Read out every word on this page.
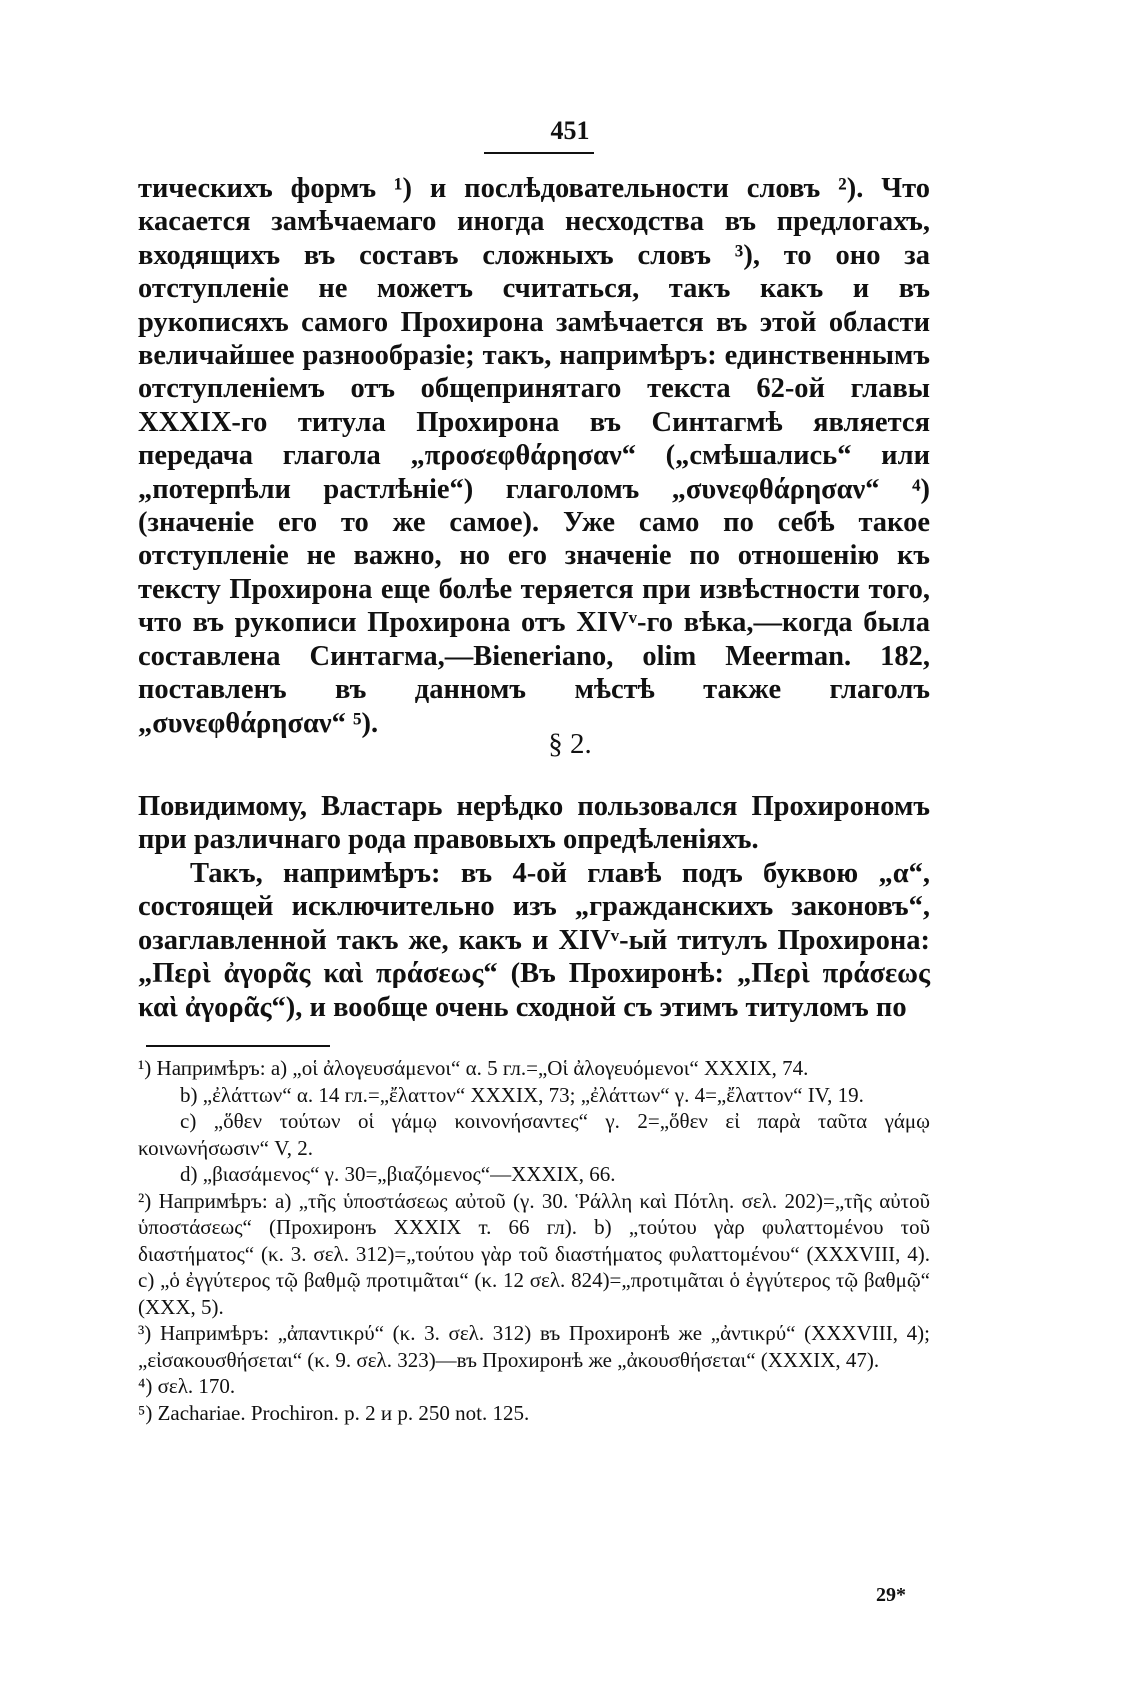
451

тическихъ формъ ¹) и послѣдовательности словъ ²). Что касается замѣчаемаго иногда несходства въ предлогахъ, входящихъ въ составъ сложныхъ словъ ³), то оно за отступленіе не можетъ считаться, такъ какъ и въ рукописяхъ самого Прохирона замѣчается въ этой области величайшее разнообразіе; такъ, напримѣръ: единственнымъ отступленіемъ отъ общепринятаго текста 62-ой главы XXXIX-го титула Прохирона въ Синтагмѣ является передача глагола „προσεφθάρησαν“ („смѣшались“ или „потерпѣли растлѣніе“) глаголомъ „συνεφθάρησαν“ ⁴) (значеніе его то же самое). Уже само по себѣ такое отступленіе не важно, но его значеніе по отношенію къ тексту Прохирона еще болѣе теряется при извѣстности того, что въ рукописи Прохирона отъ XIVᵛ-го вѣка,—когда была составлена Синтагма,—Bieneriano, olim Meerman. 182, поставленъ въ данномъ мѣстѣ также глаголъ „συνεφθάρησαν“ ⁵).

§ 2.

Повидимому, Властарь нерѣдко пользовался Прохирономъ при различнаго рода правовыхъ опредѣленіяхъ.

Такъ, напримѣръ: въ 4-ой главѣ подъ буквою „α“, состоящей исключительно изъ „гражданскихъ законовъ“, озаглавленной такъ же, какъ и XIVᵛ-ый титулъ Прохирона: „Περὶ ἀγορᾶς καὶ πράσεως“ (Въ Прохиронѣ: „Περὶ πράσεως καὶ ἀγορᾶς“), и вообще очень сходной съ этимъ титуломъ по

¹) Напримѣръ: a) „οἱ ἀλογευσάμενοι“ α. 5 гл.=„Οἱ ἀλογευόμενοι“ XXXIX, 74.

b) „ἐλάττων“ α. 14 гл.=„ἔλαττον“ XXXIX, 73; „ἐλάττων“ γ. 4=„ἔλαττον“ IV, 19.

c) „ὅθεν τούτων οἱ γάμῳ κοινονήσαντες“ γ. 2=„ὅθεν εἰ παρὰ ταῦτα γάμῳ κοινωνήσωσιν“ V, 2.

d) „βιασάμενος“ γ. 30=„βιαζόμενος“—XXXIX, 66.

²) Напримѣръ: a) „τῆς ὑποστάσεως αὐτοῦ (γ. 30. Ῥάλλη καὶ Πότλη. σελ. 202)=„τῆς αὐτοῦ ὑποστάσεως“ (Прохиронъ XXXIX т. 66 гл). b) „τούτου γὰρ φυλαττομένου τοῦ διαστήματος“ (κ. 3. σελ. 312)=„τούτου γὰρ τοῦ διαστήματος φυλαττομένου“ (XXXVIII, 4). c) „ὁ ἐγγύτερος τῷ βαθμῷ προτιμᾶται“ (κ. 12 σελ. 824)=„προτιμᾶται ὁ ἐγγύτερος τῷ βαθμῷ“ (XXX, 5).

³) Напримѣръ: „ἀπαντικρύ“ (κ. 3. σελ. 312) въ Прохиронѣ же „ἀντικρύ“ (XXXVIII, 4); „εἰσακουσθήσεται“ (κ. 9. σελ. 323)—въ Прохиронѣ же „ἀκουσθήσεται“ (XXXIX, 47).

⁴) σελ. 170.

⁵) Zachariae. Prochiron. p. 2 и p. 250 not. 125.

29*
